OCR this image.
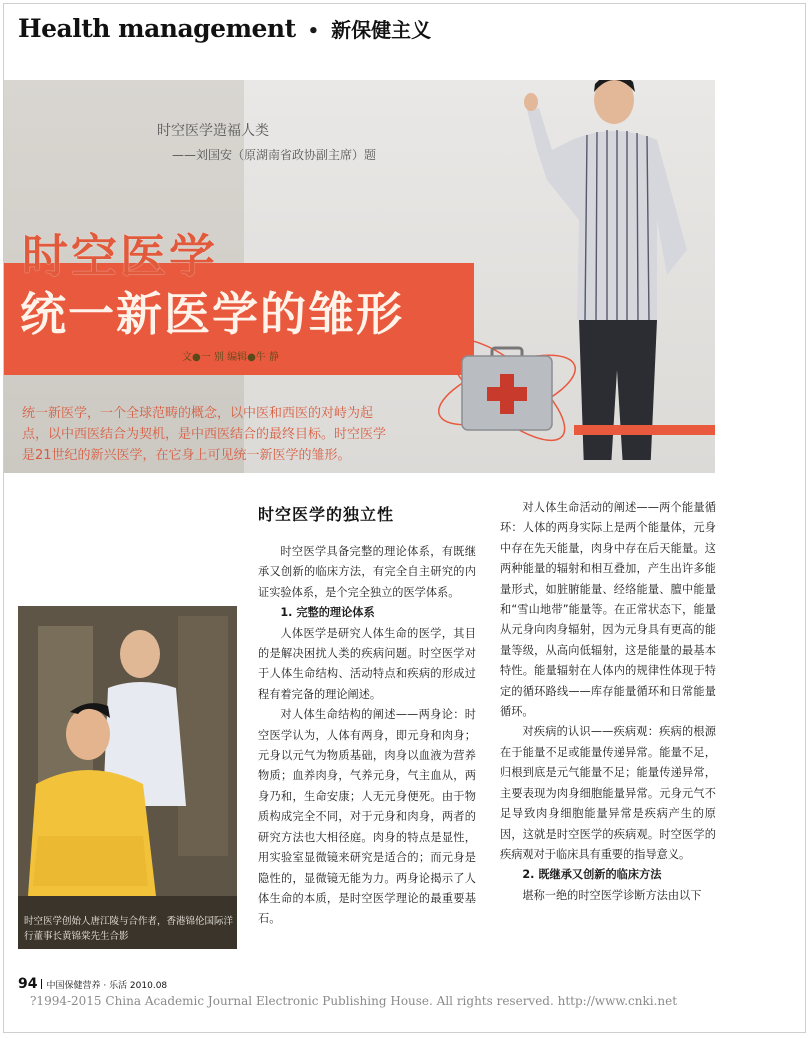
Health management • 新保健主义
时空医学造福人类
——刘国安（原湖南省政协副主席）题
时空医学
统一新医学的雏形
文●一 别 编辑●牛 静

统一新医学，一个全球范畴的概念，以中医和西医的对峙为起

点，以中西医结合为契机，是中西医结合的最终目标。时空医学

是21世纪的新兴医学，在它身上可见统一新医学的雏形。

时空医学的独立性

时空医学具备完整的理论体系，有既继承又创新的临床方法，有完全自主研究的内证实验体系，是个完全独立的医学体系。

1. 完整的理论体系

人体医学是研究人体生命的医学，其目的是解决困扰人类的疾病问题。时空医学对于人体生命结构、活动特点和疾病的形成过程有着完备的理论阐述。

对人体生命结构的阐述——两身论：时空医学认为，人体有两身，即元身和肉身；元身以元气为物质基础，肉身以血液为营养物质；血养肉身，气养元身，气主血从，两身乃和，生命安康；人无元身便死。由于物质构成完全不同，对于元身和肉身，两者的研究方法也大相径庭。肉身的特点是显性，用实验室显微镜来研究是适合的；而元身是隐性的，显微镜无能为力。两身论揭示了人体生命的本质，是时空医学理论的最重要基石。

对人体生命活动的阐述——两个能量循环：人体的两身实际上是两个能量体，元身中存在先天能量，肉身中存在后天能量。这两种能量的辐射和相互叠加，产生出许多能量形式，如脏腑能量、经络能量、膻中能量和“雪山地带”能量等。在正常状态下，能量从元身向肉身辐射，因为元身具有更高的能量等级，从高向低辐射，这是能量的最基本特性。能量辐射在人体内的规律性体现于特定的循环路线——库存能量循环和日常能量循环。

对疾病的认识——疾病观：疾病的根源在于能量不足或能量传递异常。能量不足，归根到底是元气能量不足；能量传递异常，主要表现为肉身细胞能量异常。元身元气不足导致肉身细胞能量异常是疾病产生的原因，这就是时空医学的疾病观。时空医学的疾病观对于临床具有重要的指导意义。

2. 既继承又创新的临床方法

堪称一绝的时空医学诊断方法由以下

时空医学创始人唐江陵与合作者，香港锦伦国际洋行董事长黄锦棠先生合影
94 中国保健营养 · 乐活 2010.08
?1994-2015 China Academic Journal Electronic Publishing House. All rights reserved. http://www.cnki.net
